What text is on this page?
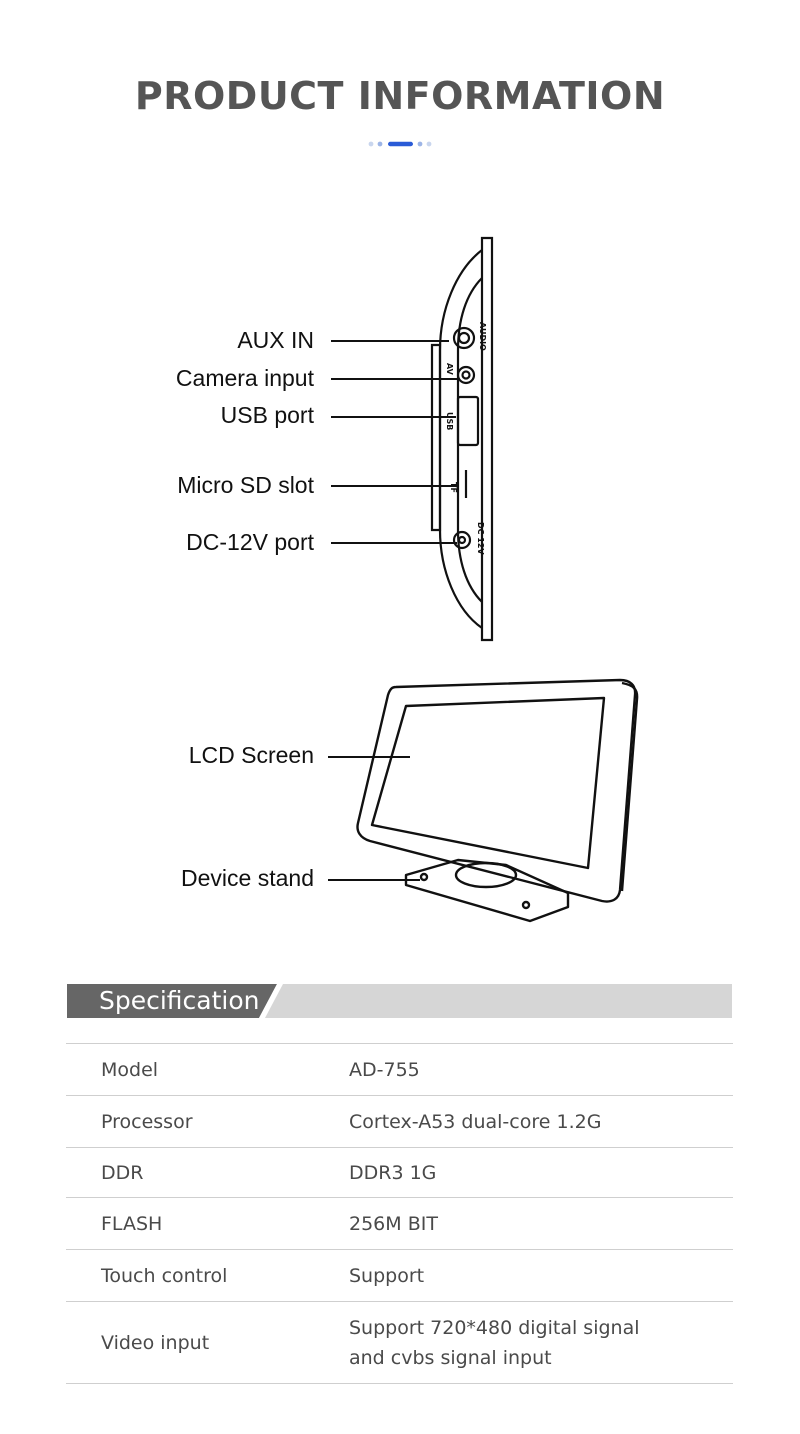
PRODUCT INFORMATION
AUX IN
Camera input
USB port
Micro SD slot
DC-12V port
AUDIO
AV
USB
TF
DC 12V
LCD Screen
Device stand
Specification
Model	AD-755
Processor	Cortex-A53 dual-core 1.2G
DDR	DDR3 1G
FLASH	256M BIT
Touch control	Support
Video input	Support 720*480 digital signal
and cvbs signal input
